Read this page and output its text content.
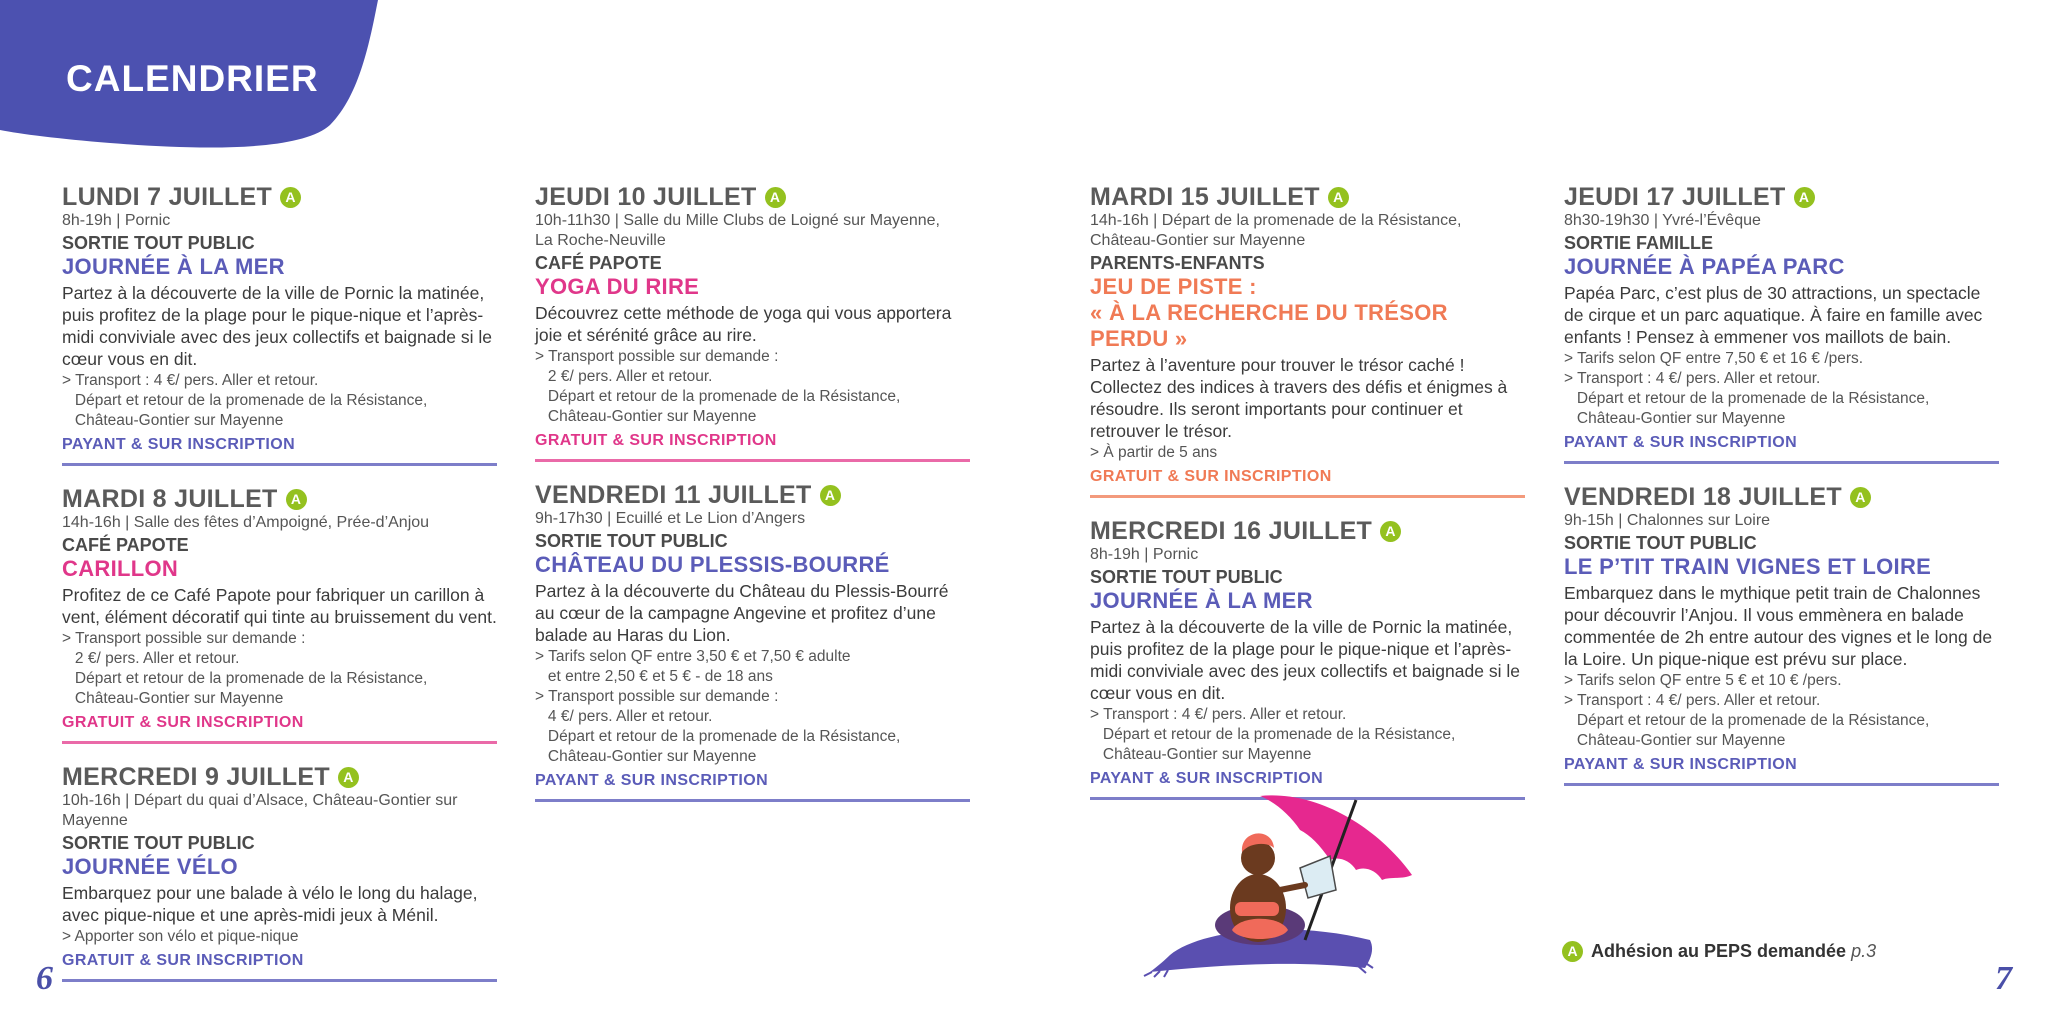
CALENDRIER
LUNDI 7 JUILLET A
8h-19h | Pornic
SORTIE TOUT PUBLIC
JOURNÉE À LA MER
Partez à la découverte de la ville de Pornic la matinée, puis profitez de la plage pour le pique-nique et l’après-midi conviviale avec des jeux collectifs et baignade si le cœur vous en dit.
> Transport : 4 €/ pers. Aller et retour.
Départ et retour de la promenade de la Résistance,
Château-Gontier sur Mayenne
PAYANT & SUR INSCRIPTION
MARDI 8 JUILLET A
14h-16h | Salle des fêtes d’Ampoigné, Prée-d’Anjou
CAFÉ PAPOTE
CARILLON
Profitez de ce Café Papote pour fabriquer un carillon à vent, élément décoratif qui tinte au bruissement du vent.
> Transport possible sur demande :
2 €/ pers. Aller et retour.
Départ et retour de la promenade de la Résistance,
Château-Gontier sur Mayenne
GRATUIT & SUR INSCRIPTION
MERCREDI 9 JUILLET A
10h-16h | Départ du quai d’Alsace, Château-Gontier sur Mayenne
SORTIE TOUT PUBLIC
JOURNÉE VÉLO
Embarquez pour une balade à vélo le long du halage, avec pique-nique et une après-midi jeux à Ménil.
> Apporter son vélo et pique-nique
GRATUIT & SUR INSCRIPTION
JEUDI 10 JUILLET A
10h-11h30 | Salle du Mille Clubs de Loigné sur Mayenne,
La Roche-Neuville
CAFÉ PAPOTE
YOGA DU RIRE
Découvrez cette méthode de yoga qui vous apportera joie et sérénité grâce au rire.
> Transport possible sur demande :
2 €/ pers. Aller et retour.
Départ et retour de la promenade de la Résistance,
Château-Gontier sur Mayenne
GRATUIT & SUR INSCRIPTION
VENDREDI 11 JUILLET A
9h-17h30 | Ecuillé et Le Lion d’Angers
SORTIE TOUT PUBLIC
CHÂTEAU DU PLESSIS-BOURRÉ
Partez à la découverte du Château du Plessis-Bourré au cœur de la campagne Angevine et profitez d’une balade au Haras du Lion.
> Tarifs selon QF entre 3,50 € et 7,50 € adulte
et entre 2,50 € et 5 € - de 18 ans
> Transport possible sur demande :
4 €/ pers. Aller et retour.
Départ et retour de la promenade de la Résistance,
Château-Gontier sur Mayenne
PAYANT & SUR INSCRIPTION
MARDI 15 JUILLET A
14h-16h | Départ de la promenade de la Résistance,
Château-Gontier sur Mayenne
PARENTS-ENFANTS
JEU DE PISTE :
« À LA RECHERCHE DU TRÉSOR PERDU »
Partez à l’aventure pour trouver le trésor caché ! Collectez des indices à travers des défis et énigmes à résoudre. Ils seront importants pour continuer et retrouver le trésor.
> À partir de 5 ans
GRATUIT & SUR INSCRIPTION
MERCREDI 16 JUILLET A
8h-19h | Pornic
SORTIE TOUT PUBLIC
JOURNÉE À LA MER
Partez à la découverte de la ville de Pornic la matinée, puis profitez de la plage pour le pique-nique et l’après-midi conviviale avec des jeux collectifs et baignade si le cœur vous en dit.
> Transport : 4 €/ pers. Aller et retour.
Départ et retour de la promenade de la Résistance,
Château-Gontier sur Mayenne
PAYANT & SUR INSCRIPTION
JEUDI 17 JUILLET A
8h30-19h30 | Yvré-l’Évêque
SORTIE FAMILLE
JOURNÉE À PAPÉA PARC
Papéa Parc, c’est plus de 30 attractions, un spectacle de cirque et un parc aquatique. À faire en famille avec enfants ! Pensez à emmener vos maillots de bain.
> Tarifs selon QF entre 7,50 € et 16 € /pers.
> Transport : 4 €/ pers. Aller et retour.
Départ et retour de la promenade de la Résistance,
Château-Gontier sur Mayenne
PAYANT & SUR INSCRIPTION
VENDREDI 18 JUILLET A
9h-15h | Chalonnes sur Loire
SORTIE TOUT PUBLIC
LE P’TIT TRAIN VIGNES ET LOIRE
Embarquez dans le mythique petit train de Chalonnes pour découvrir l’Anjou. Il vous emmènera en balade commentée de 2h entre autour des vignes et le long de la Loire. Un pique-nique est prévu sur place.
> Tarifs selon QF entre 5 € et 10 € /pers.
> Transport : 4 €/ pers. Aller et retour.
Départ et retour de la promenade de la Résistance,
Château-Gontier sur Mayenne
PAYANT & SUR INSCRIPTION
A Adhésion au PEPS demandée p.3
6	7
